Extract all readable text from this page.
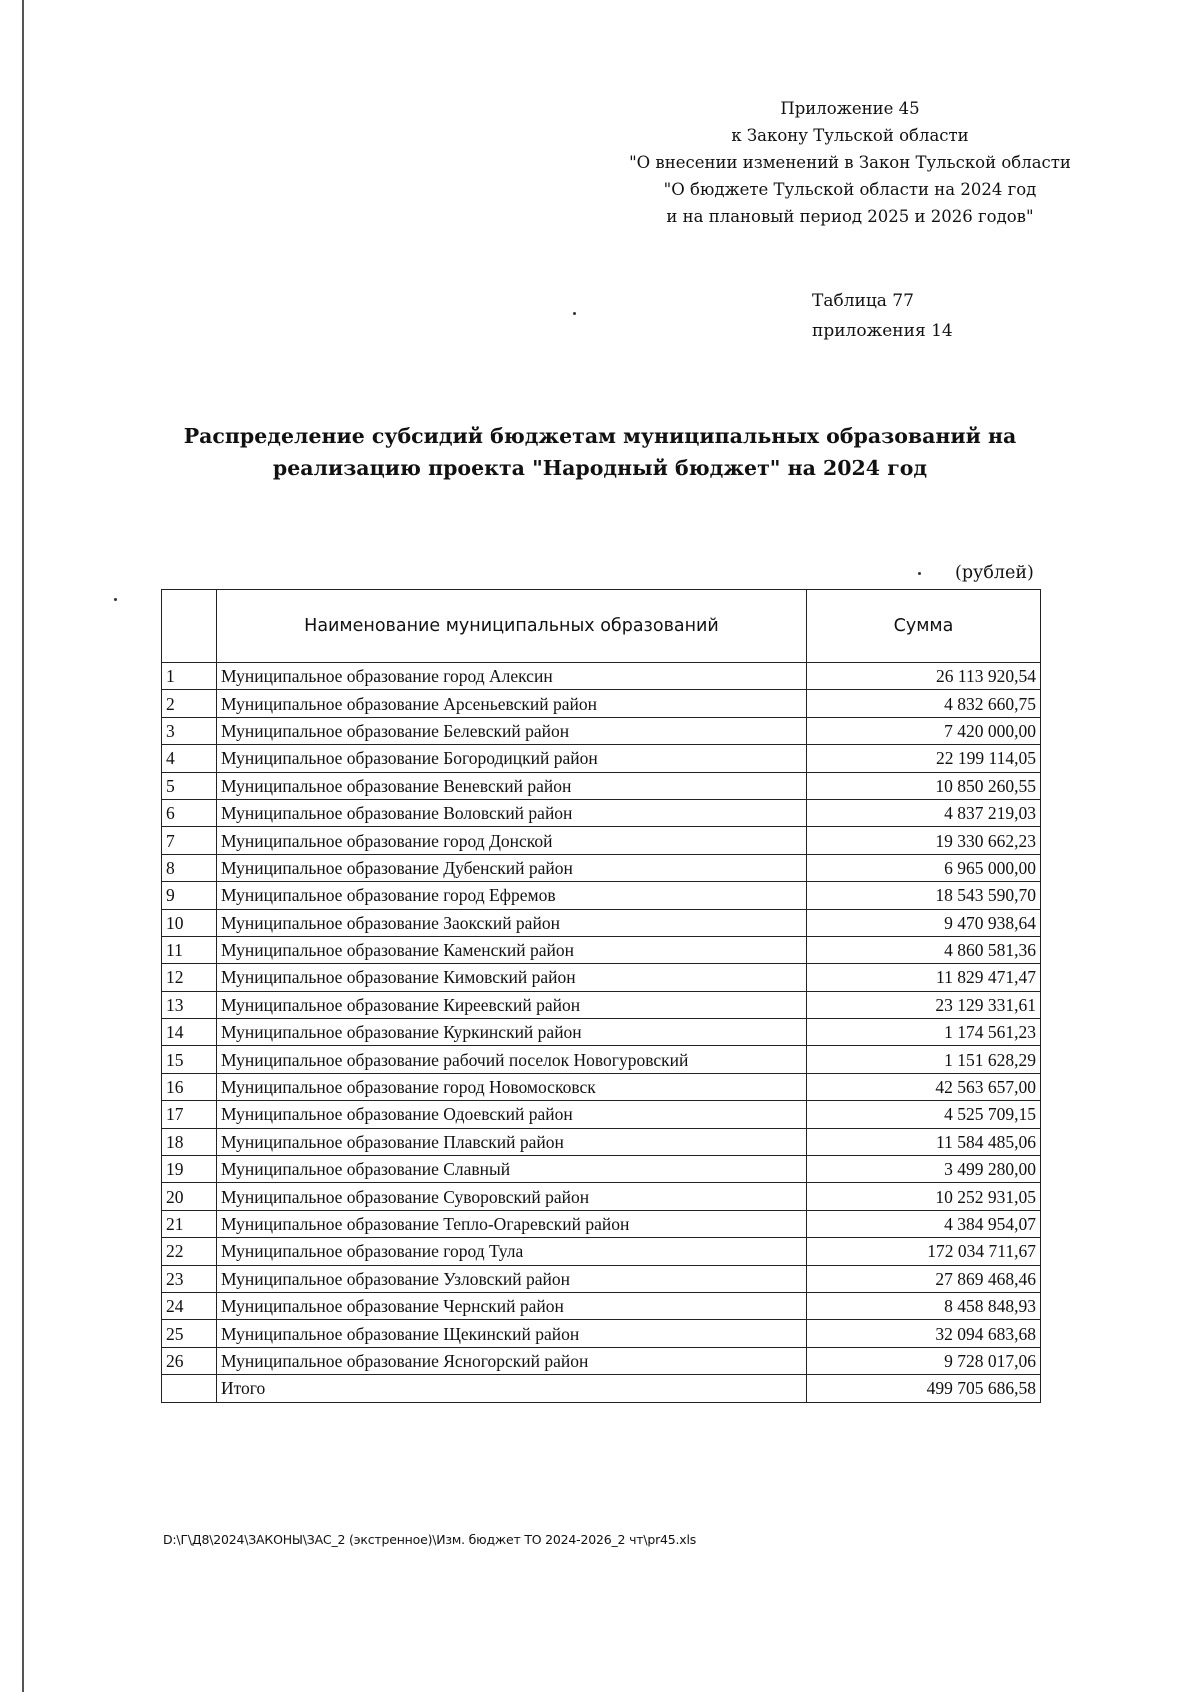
Приложение 45
к Закону Тульской области
"О внесении изменений в Закон Тульской области
"О бюджете Тульской области на 2024 год
и на плановый период 2025 и 2026 годов"
Таблица 77
приложения 14
Распределение субсидий бюджетам муниципальных образований на
реализацию проекта "Народный бюджет" на 2024 год
(рублей)
	Наименование муниципальных образований	Сумма
1	Муниципальное образование город Алексин	26 113 920,54
2	Муниципальное образование Арсеньевский район	4 832 660,75
3	Муниципальное образование Белевский район	7 420 000,00
4	Муниципальное образование Богородицкий район	22 199 114,05
5	Муниципальное образование Веневский район	10 850 260,55
6	Муниципальное образование Воловский район	4 837 219,03
7	Муниципальное образование город Донской	19 330 662,23
8	Муниципальное образование Дубенский район	6 965 000,00
9	Муниципальное образование город Ефремов	18 543 590,70
10	Муниципальное образование Заокский район	9 470 938,64
11	Муниципальное образование Каменский район	4 860 581,36
12	Муниципальное образование Кимовский район	11 829 471,47
13	Муниципальное образование Киреевский район	23 129 331,61
14	Муниципальное образование Куркинский район	1 174 561,23
15	Муниципальное образование рабочий поселок Новогуровский	1 151 628,29
16	Муниципальное образование город Новомосковск	42 563 657,00
17	Муниципальное образование Одоевский район	4 525 709,15
18	Муниципальное образование Плавский район	11 584 485,06
19	Муниципальное образование Славный	3 499 280,00
20	Муниципальное образование Суворовский район	10 252 931,05
21	Муниципальное образование Тепло-Огаревский район	4 384 954,07
22	Муниципальное образование город Тула	172 034 711,67
23	Муниципальное образование Узловский район	27 869 468,46
24	Муниципальное образование Чернский район	8 458 848,93
25	Муниципальное образование Щекинский район	32 094 683,68
26	Муниципальное образование Ясногорский район	9 728 017,06
	Итого	499 705 686,58
D:\Г\Д8\2024\ЗАКОНЫ\ЗАС_2 (экстренное)\Изм. бюджет ТО 2024-2026_2 чт\pr45.xls
